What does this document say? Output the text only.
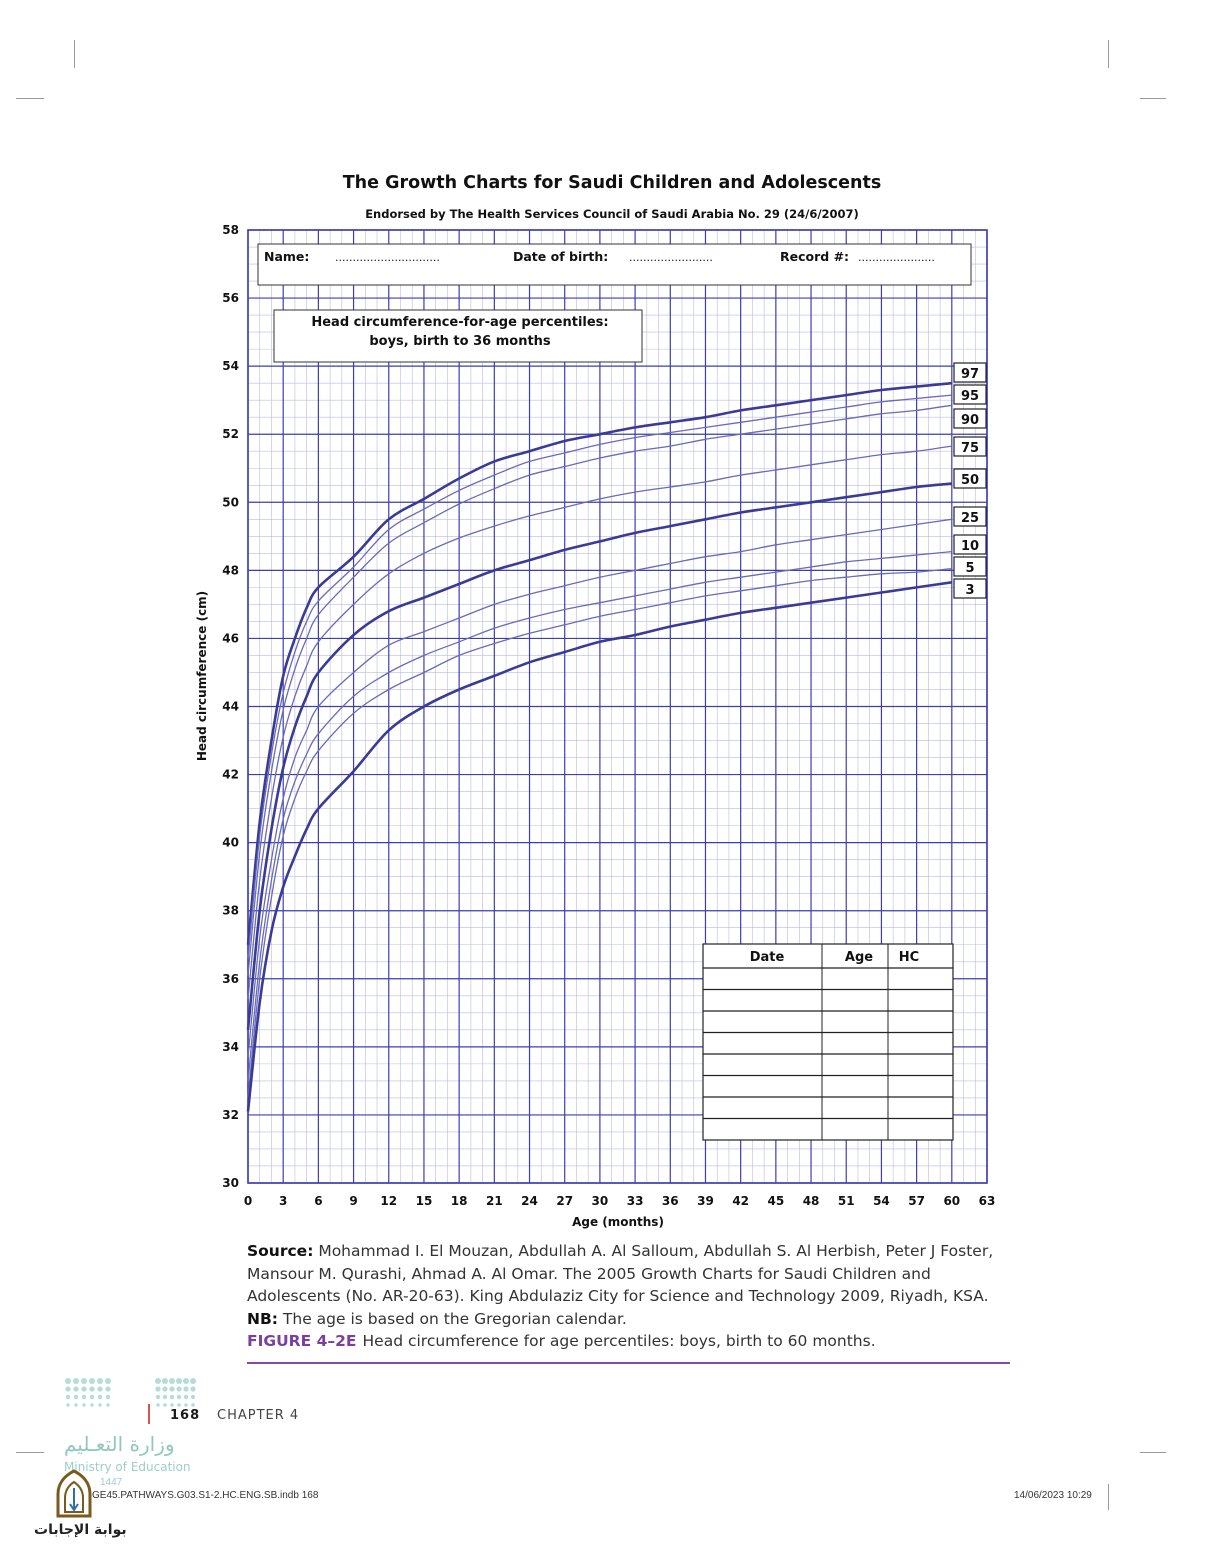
The Growth Charts for Saudi Children and Adolescents
Endorsed by The Health Services Council of Saudi Arabia No. 29 (24/6/2007)
97
95
90
75
50
25
10
5
3
30
32
34
36
38
40
42
44
46
48
50
52
54
56
58
0 3 6 9 12 15 18 21 24 27 30 33 36 39 42 45 48 51 54 57 60 63
Age (months)
Head circumference (cm)
Name: ..............................	Date of birth: ........................	Record #: ......................
Head circumference-for-age percentiles:
boys, birth to 36 months
Date	Age HC
Source: Mohammad I. El Mouzan, Abdullah A. Al Salloum, Abdullah S. Al Herbish, Peter J Foster, Mansour M. Qurashi, Ahmad A. Al Omar. The 2005 Growth Charts for Saudi Children and Adolescents (No. AR-20-63). King Abdulaziz City for Science and Technology 2009, Riyadh, KSA.
NB: The age is based on the Gregorian calendar.
FIGURE 4–2E Head circumference for age percentiles: boys, birth to 60 months.
168 CHAPTER 4
وزارة التعـليم
Ministry of Education
1447
GE45.PATHWAYS.G03.S1-2.HC.ENG.SB.indb 168	14/06/2023 10:29
بوابة الإجابات
